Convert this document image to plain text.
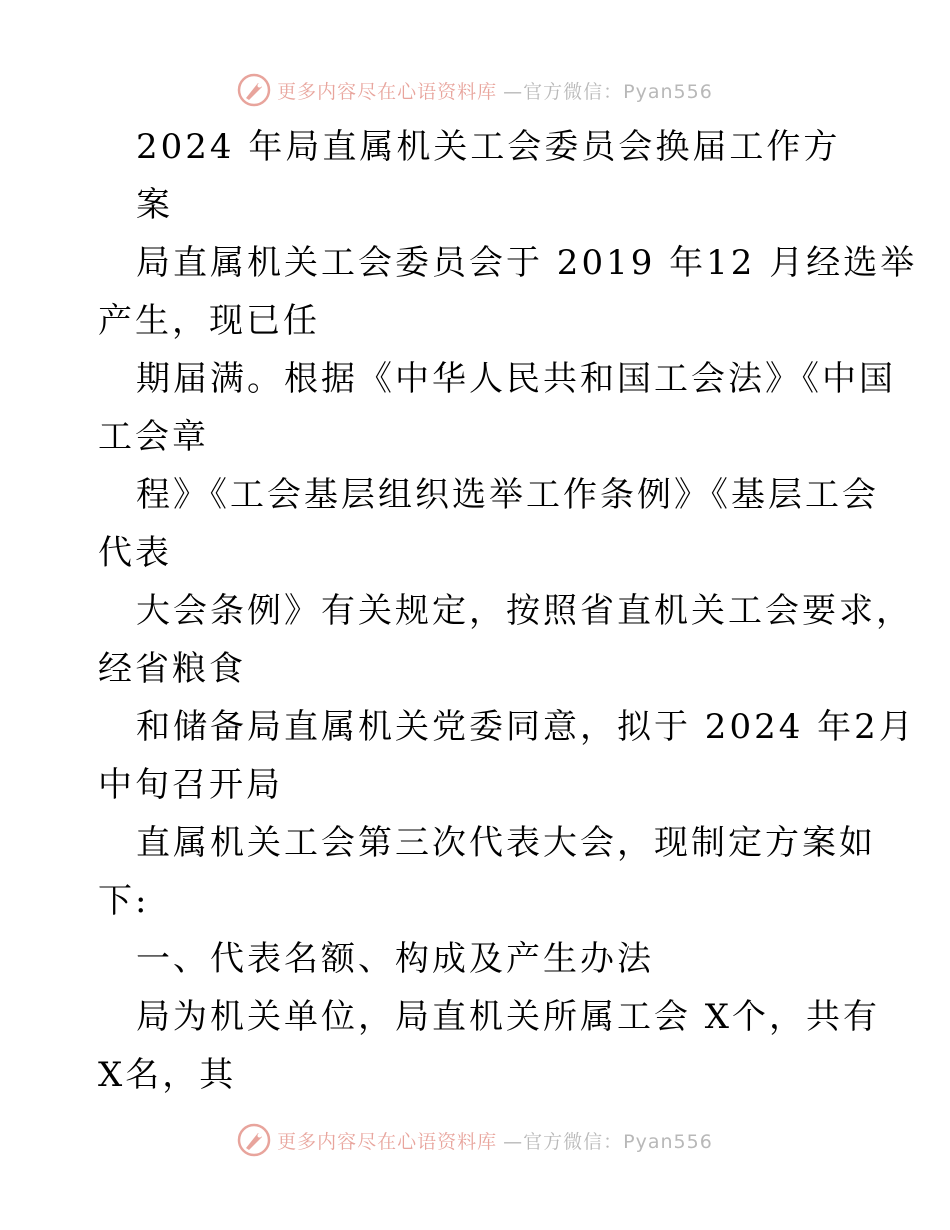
更多内容尽在心语资料库 —官方微信：Pyan556
2024 年局直属机关工会委员会换届工作方
案
局直属机关工会委员会于 2019 年12 月经选举
产生，现已任
期届满。根据《中华人民共和国工会法》《中国
工会章
程》《工会基层组织选举工作条例》《基层工会
代表
大会条例》有关规定，按照省直机关工会要求，
经省粮食
和储备局直属机关党委同意，拟于 2024 年2月
中旬召开局
直属机关工会第三次代表大会，现制定方案如
下:
一、代表名额、构成及产生办法
局为机关单位，局直机关所属工会 X个，共有
X名，其
更多内容尽在心语资料库 —官方微信：Pyan556
